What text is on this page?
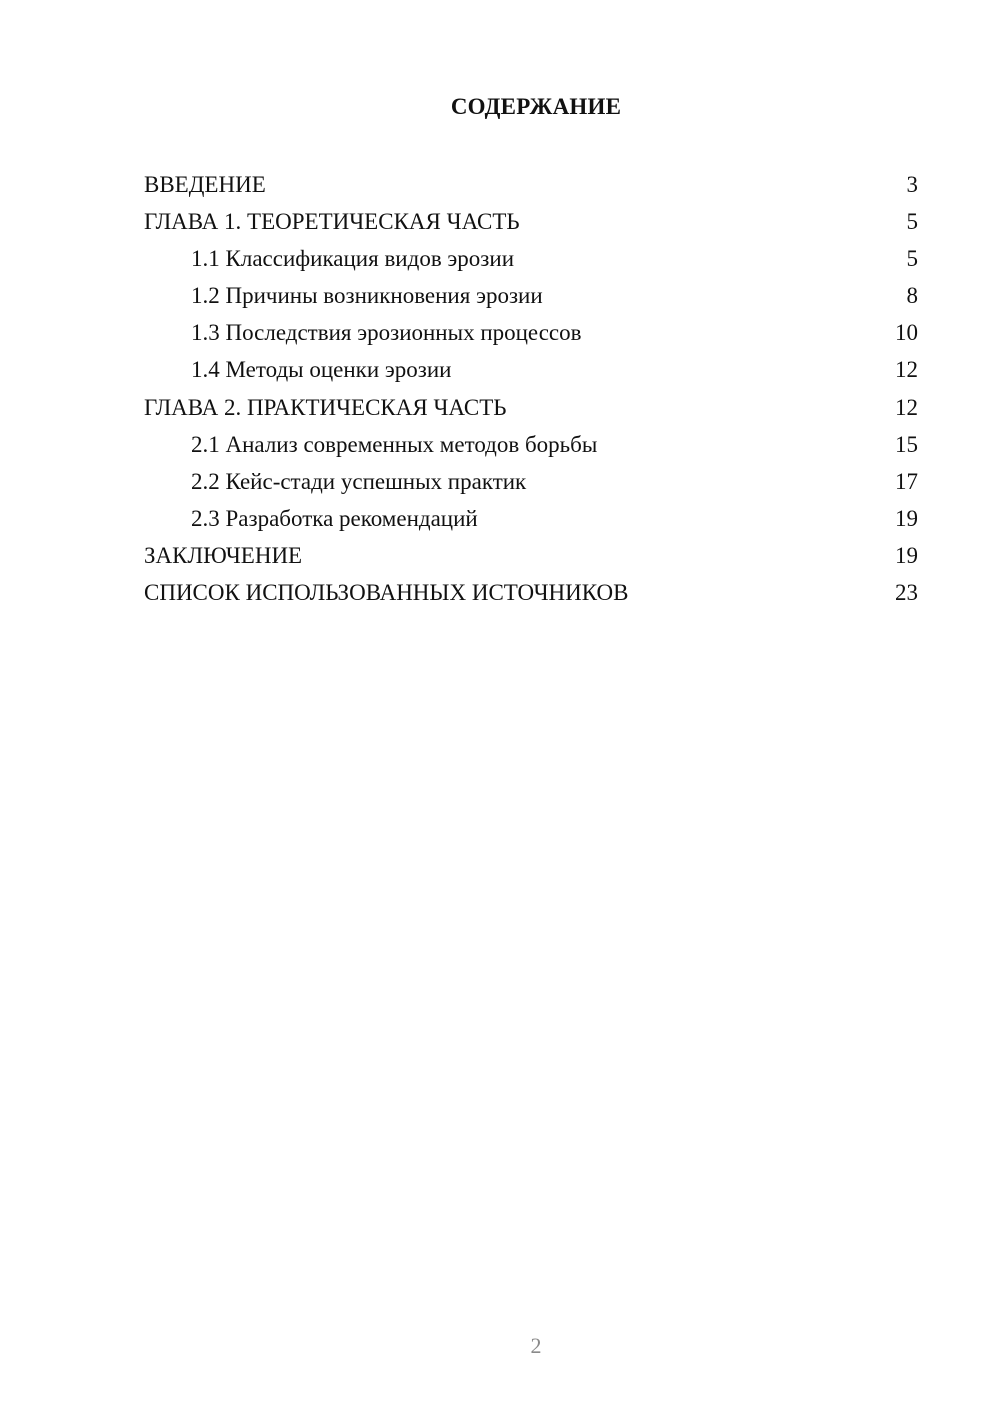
СОДЕРЖАНИЕ
ВВЕДЕНИЕ	3
ГЛАВА 1. ТЕОРЕТИЧЕСКАЯ ЧАСТЬ	5
1.1 Классификация видов эрозии	5
1.2 Причины возникновения эрозии	8
1.3 Последствия эрозионных процессов	10
1.4 Методы оценки эрозии	12
ГЛАВА 2. ПРАКТИЧЕСКАЯ ЧАСТЬ	12
2.1 Анализ современных методов борьбы	15
2.2 Кейс-стади успешных практик	17
2.3 Разработка рекомендаций	19
ЗАКЛЮЧЕНИЕ	19
СПИСОК ИСПОЛЬЗОВАННЫХ ИСТОЧНИКОВ	23
2
